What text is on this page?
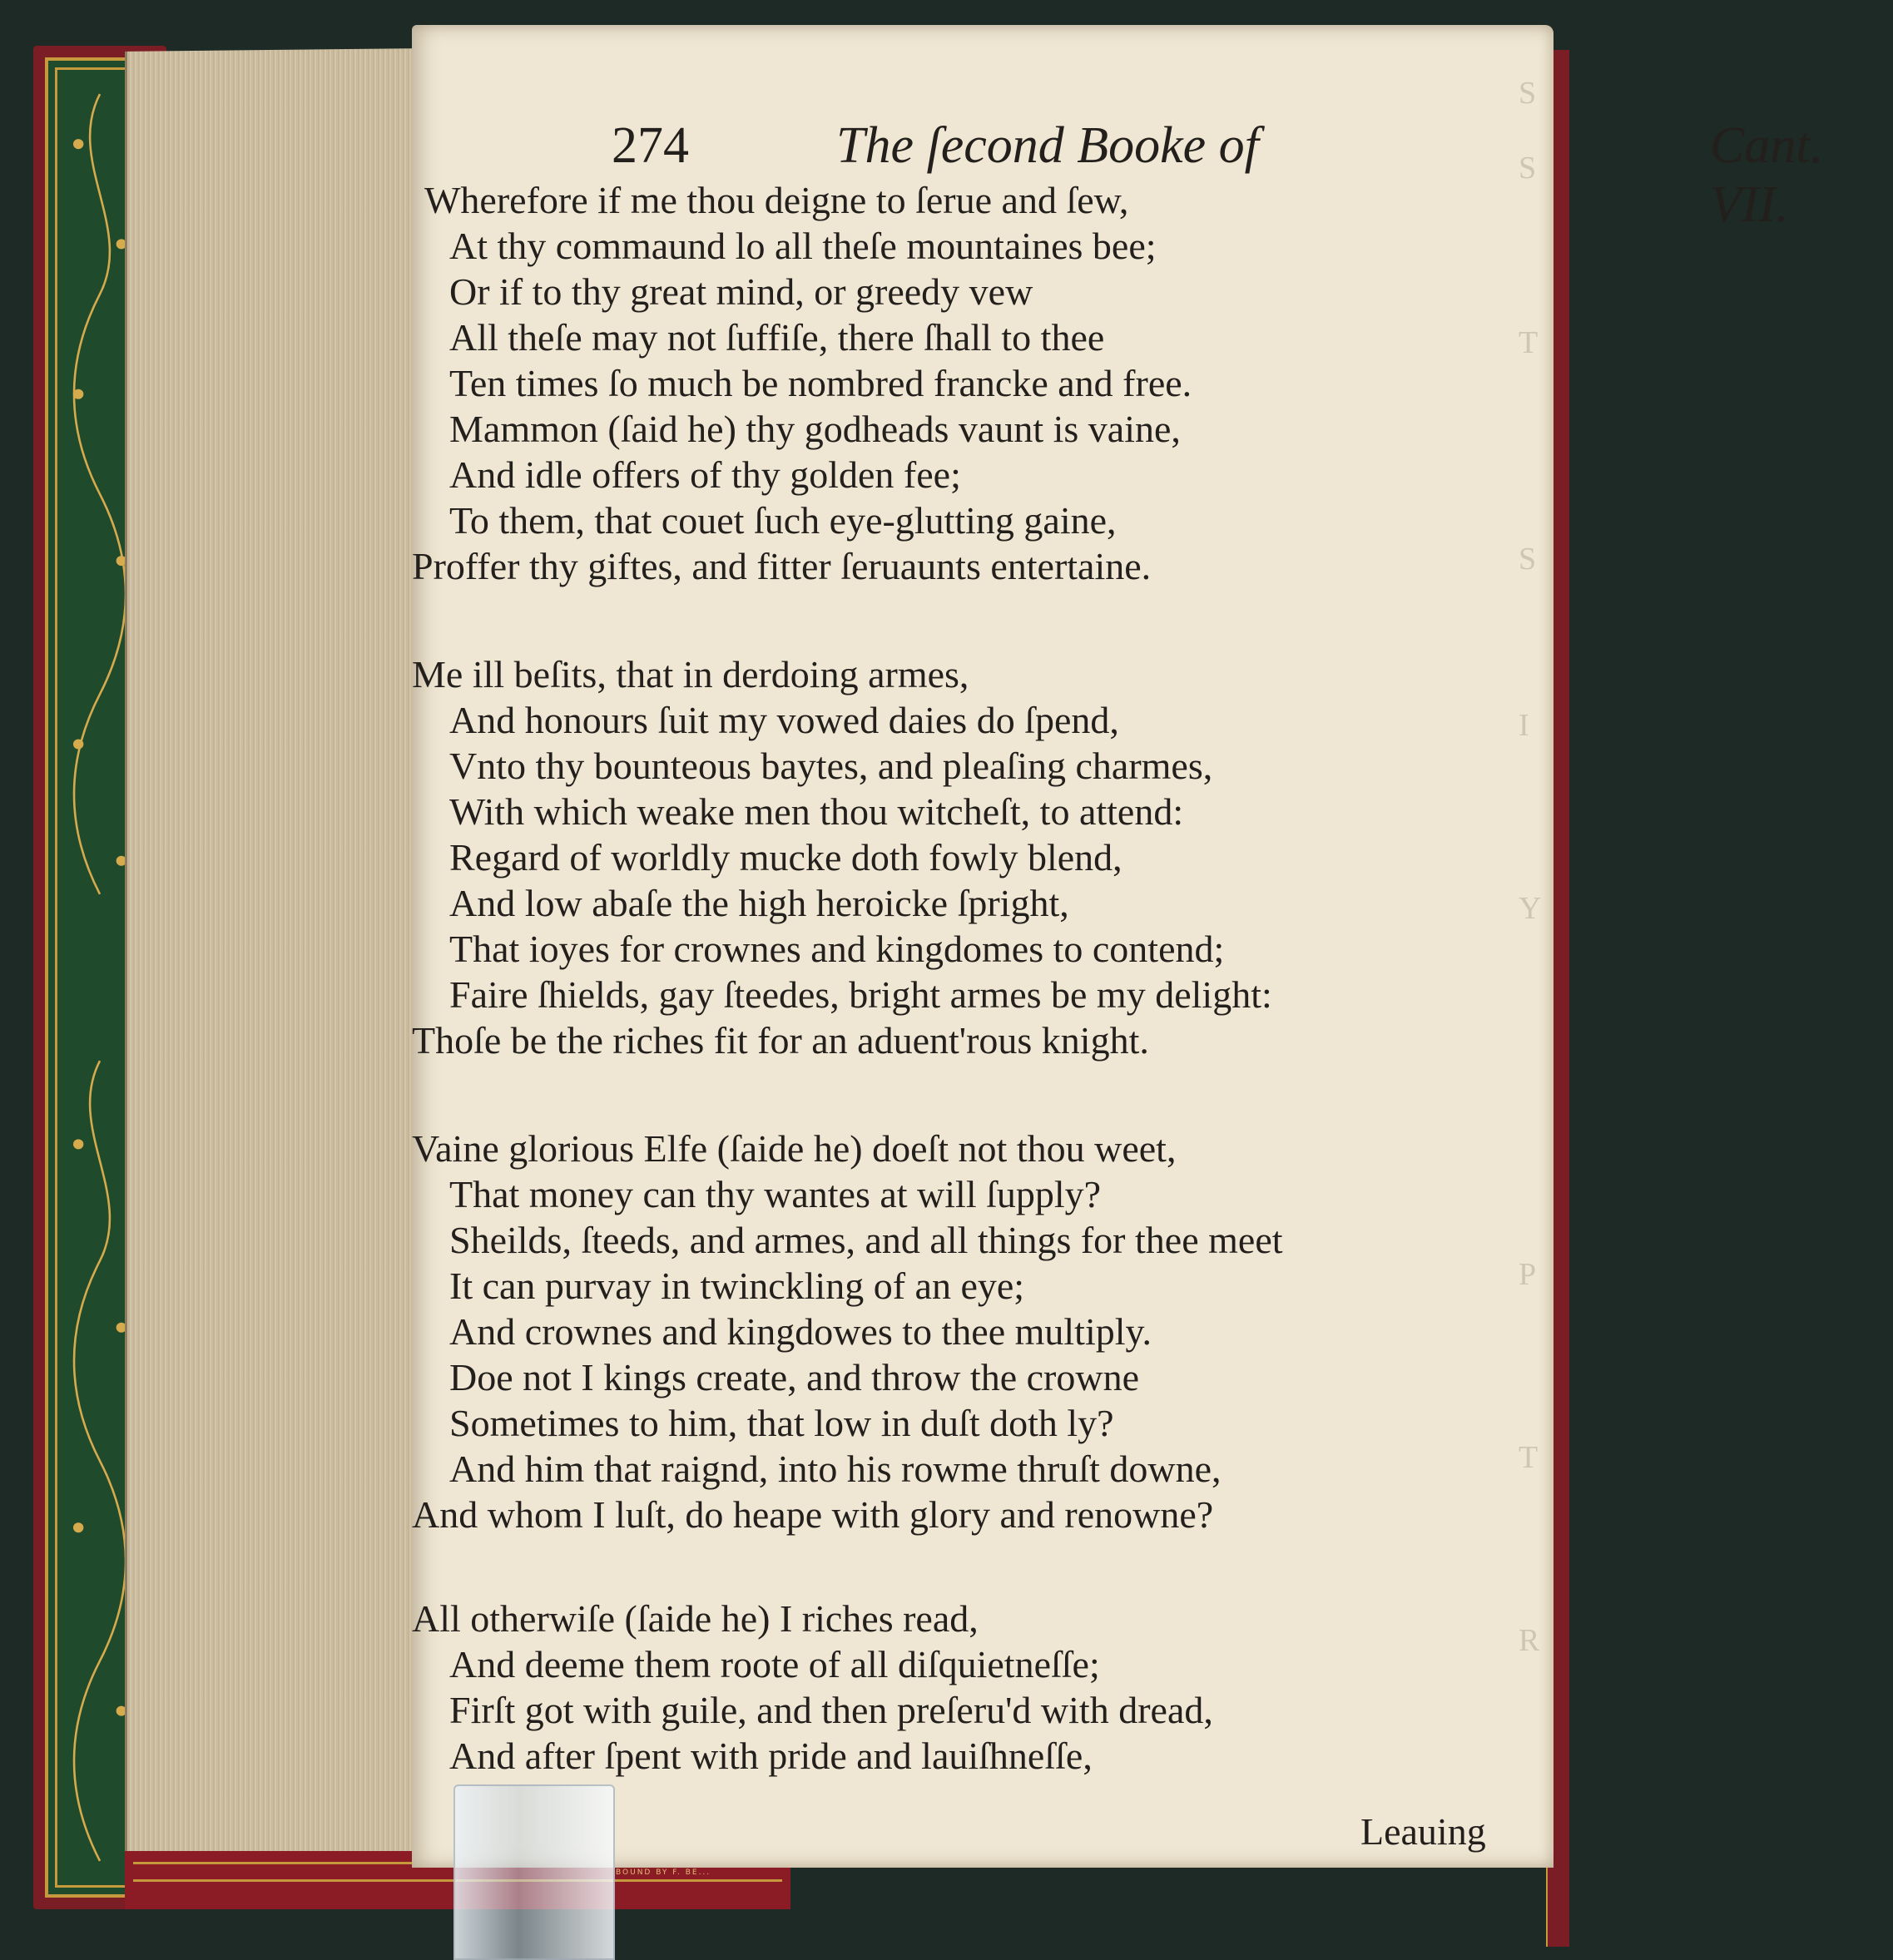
BOUND BY F. BE...
S
S
T
S
I
Y
P
T
R
274	The ſecond Booke of	Cant. VII.
Wherefore if me thou deigne to ſerue and ſew,
At thy commaund lo all theſe mountaines bee;
Or if to thy great mind, or greedy vew
All theſe may not ſuffiſe, there ſhall to thee
Ten times ſo much be nombred francke and free.
Mammon (ſaid he) thy godheads vaunt is vaine,
And idle offers of thy golden fee;
To them, that couet ſuch eye-glutting gaine,
Proffer thy giftes, and fitter ſeruaunts entertaine.
Me ill beſits, that in derdoing armes,
And honours ſuit my vowed daies do ſpend,
Vnto thy bounteous baytes, and pleaſing charmes,
With which weake men thou witcheſt, to attend:
Regard of worldly mucke doth fowly blend,
And low abaſe the high heroicke ſpright,
That ioyes for crownes and kingdomes to contend;
Faire ſhields, gay ſteedes, bright armes be my delight:
Thoſe be the riches fit for an aduent'rous knight.
Vaine glorious Elfe (ſaide he) doeſt not thou weet,
That money can thy wantes at will ſupply?
Sheilds, ſteeds, and armes, and all things for thee meet
It can purvay in twinckling of an eye;
And crownes and kingdowes to thee multiply.
Doe not I kings create, and throw the crowne
Sometimes to him, that low in duſt doth ly?
And him that raignd, into his rowme thruſt downe,
And whom I luſt, do heape with glory and renowne?
All otherwiſe (ſaide he) I riches read,
And deeme them roote of all diſquietneſſe;
Firſt got with guile, and then preſeru'd with dread,
And after ſpent with pride and lauiſhneſſe,
Leauing
